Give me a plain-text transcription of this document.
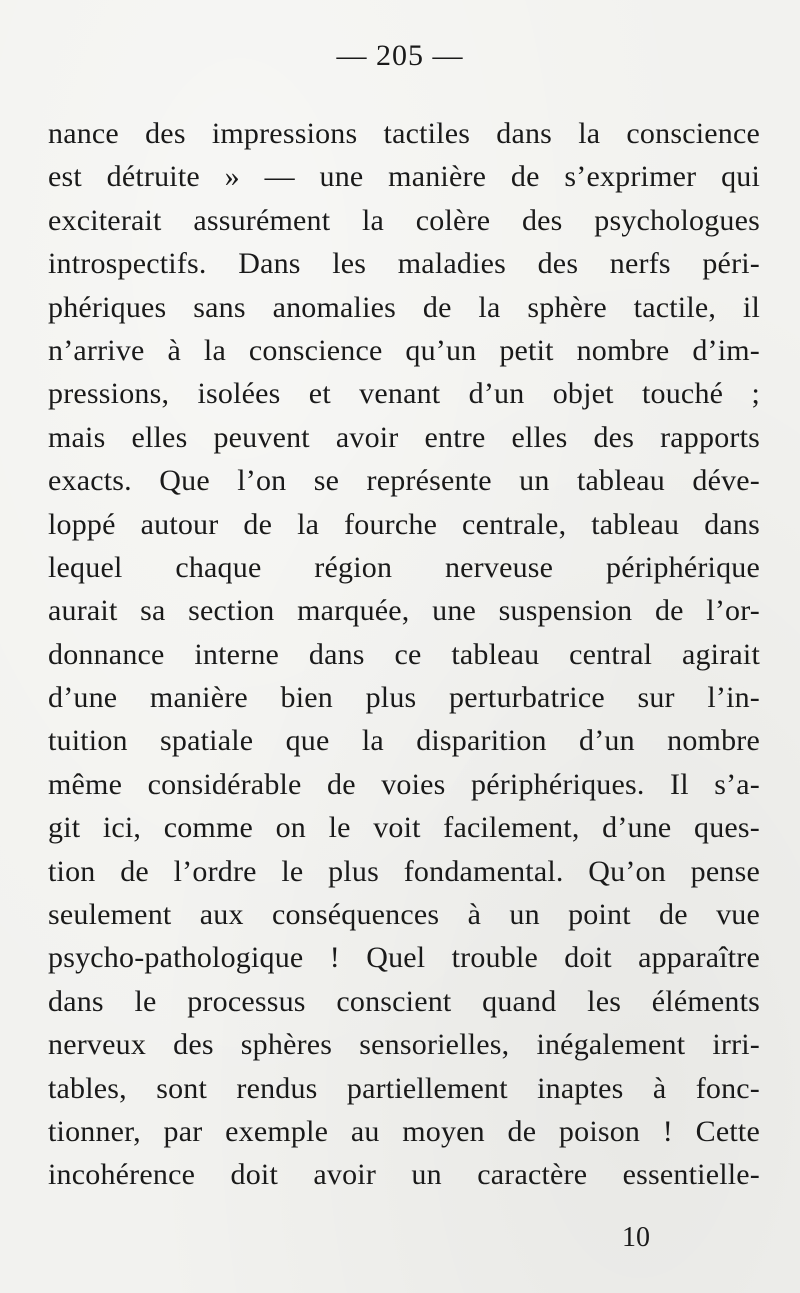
— 205 —
nance des impressions tactiles dans la conscience
est détruite » — une manière de s’exprimer qui
exciterait assurément la colère des psychologues
introspectifs. Dans les maladies des nerfs péri-
phériques sans anomalies de la sphère tactile, il
n’arrive à la conscience qu’un petit nombre d’im-
pressions, isolées et venant d’un objet touché ;
mais elles peuvent avoir entre elles des rapports
exacts. Que l’on se représente un tableau déve-
loppé autour de la fourche centrale, tableau dans
lequel chaque région nerveuse périphérique
aurait sa section marquée, une suspension de l’or-
donnance interne dans ce tableau central agirait
d’une manière bien plus perturbatrice sur l’in-
tuition spatiale que la disparition d’un nombre
même considérable de voies périphériques. Il s’a-
git ici, comme on le voit facilement, d’une ques-
tion de l’ordre le plus fondamental. Qu’on pense
seulement aux conséquences à un point de vue
psycho-pathologique ! Quel trouble doit apparaître
dans le processus conscient quand les éléments
nerveux des sphères sensorielles, inégalement irri-
tables, sont rendus partiellement inaptes à fonc-
tionner, par exemple au moyen de poison ! Cette
incohérence doit avoir un caractère essentielle-
10
